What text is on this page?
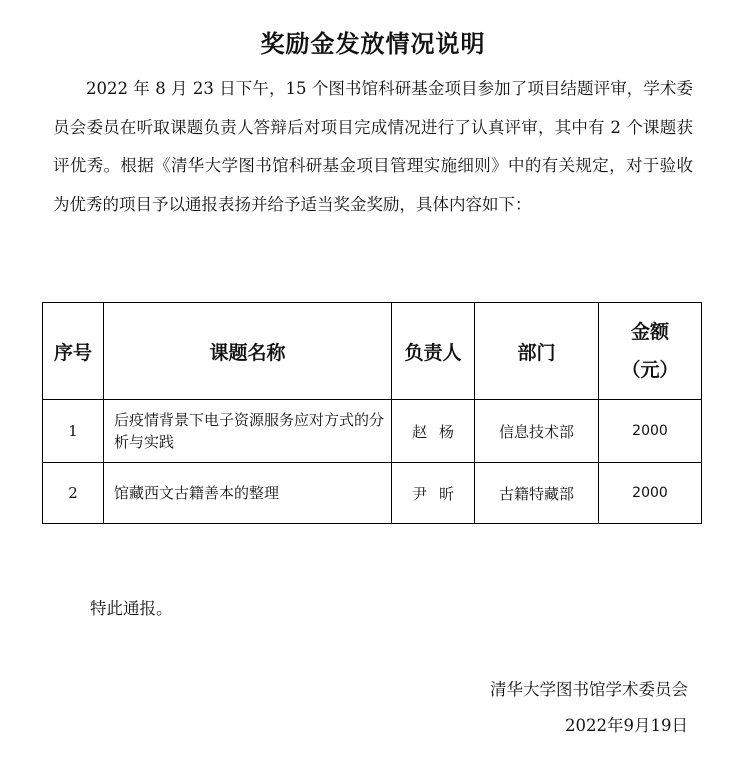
奖励金发放情况说明

2022 年 8 月 23 日下午，15 个图书馆科研基金项目参加了项目结题评审，学术委员会委员在听取课题负责人答辩后对项目完成情况进行了认真评审，其中有 2 个课题获评优秀。根据《清华大学图书馆科研基金项目管理实施细则》中的有关规定，对于验收为优秀的项目予以通报表扬并给予适当奖金奖励，具体内容如下：

序号	课题名称	负责人	部门	金额
（元）

1	后疫情背景下电子资源服务应对方式的分析与实践	赵杨	信息技术部	2000
2	馆藏西文古籍善本的整理	尹昕	古籍特藏部	2000
特此通报。
清华大学图书馆学术委员会
2022年9月19日
